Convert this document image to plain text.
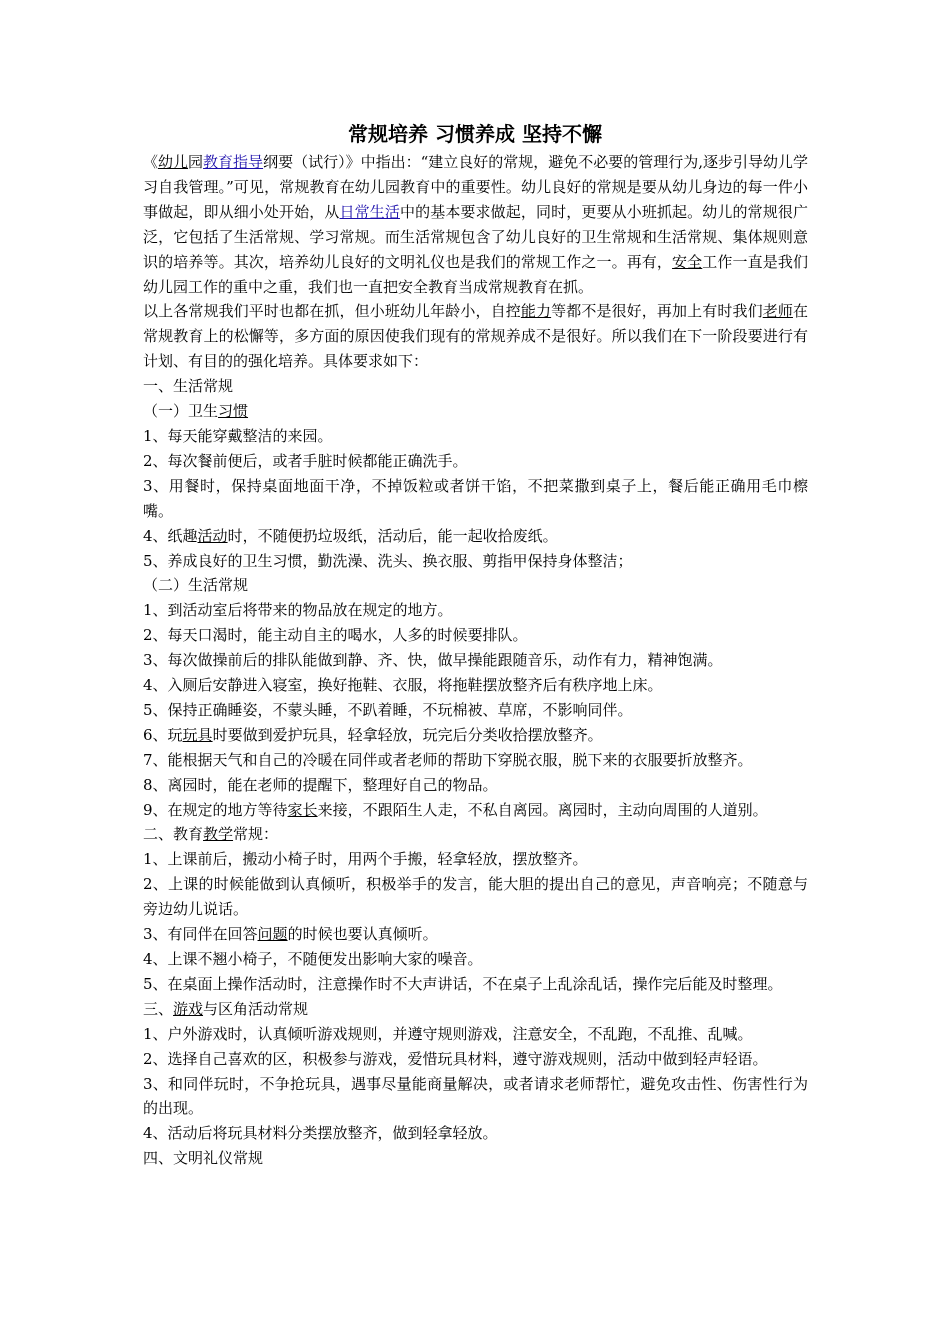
常规培养 习惯养成 坚持不懈

《幼儿园教育指导纲要（试行）》中指出：“建立良好的常规，避免不必要的管理行为,逐步引导幼儿学习自我管理。”可见，常规教育在幼儿园教育中的重要性。幼儿良好的常规是要从幼儿身边的每一件小事做起，即从细小处开始，从日常生活中的基本要求做起，同时，更要从小班抓起。幼儿的常规很广泛，它包括了生活常规、学习常规。而生活常规包含了幼儿良好的卫生常规和生活常规、集体规则意识的培养等。其次，培养幼儿良好的文明礼仪也是我们的常规工作之一。再有，安全工作一直是我们幼儿园工作的重中之重，我们也一直把安全教育当成常规教育在抓。

以上各常规我们平时也都在抓，但小班幼儿年龄小，自控能力等都不是很好，再加上有时我们老师在常规教育上的松懈等，多方面的原因使我们现有的常规养成不是很好。所以我们在下一阶段要进行有计划、有目的的强化培养。具体要求如下：

一、生活常规

（一）卫生习惯

1、每天能穿戴整洁的来园。

2、每次餐前便后，或者手脏时候都能正确洗手。

3、用餐时，保持桌面地面干净，不掉饭粒或者饼干馅，不把菜撒到桌子上，餐后能正确用毛巾檫嘴。

4、纸趣活动时，不随便扔垃圾纸，活动后，能一起收拾废纸。

5、养成良好的卫生习惯，勤洗澡、洗头、换衣服、剪指甲保持身体整洁；

（二）生活常规

1、到活动室后将带来的物品放在规定的地方。

2、每天口渴时，能主动自主的喝水，人多的时候要排队。

3、每次做操前后的排队能做到静、齐、快，做早操能跟随音乐，动作有力，精神饱满。

4、入厕后安静进入寝室，换好拖鞋、衣服，将拖鞋摆放整齐后有秩序地上床。

5、保持正确睡姿，不蒙头睡，不趴着睡，不玩棉被、草席，不影响同伴。

6、玩玩具时要做到爱护玩具，轻拿轻放，玩完后分类收拾摆放整齐。

7、能根据天气和自己的冷暖在同伴或者老师的帮助下穿脱衣服，脱下来的衣服要折放整齐。

8、离园时，能在老师的提醒下，整理好自己的物品。

9、在规定的地方等待家长来接，不跟陌生人走，不私自离园。离园时，主动向周围的人道别。

二、教育教学常规：

1、上课前后，搬动小椅子时，用两个手搬，轻拿轻放，摆放整齐。

2、上课的时候能做到认真倾听，积极举手的发言，能大胆的提出自己的意见，声音响亮；不随意与旁边幼儿说话。

3、有同伴在回答问题的时候也要认真倾听。

4、上课不翘小椅子，不随便发出影响大家的噪音。

5、在桌面上操作活动时，注意操作时不大声讲话，不在桌子上乱涂乱话，操作完后能及时整理。

三、游戏与区角活动常规

1、户外游戏时，认真倾听游戏规则，并遵守规则游戏，注意安全，不乱跑，不乱推、乱喊。

2、选择自己喜欢的区，积极参与游戏，爱惜玩具材料，遵守游戏规则，活动中做到轻声轻语。

3、和同伴玩时，不争抢玩具，遇事尽量能商量解决，或者请求老师帮忙，避免攻击性、伤害性行为的出现。

4、活动后将玩具材料分类摆放整齐，做到轻拿轻放。

四、文明礼仪常规
